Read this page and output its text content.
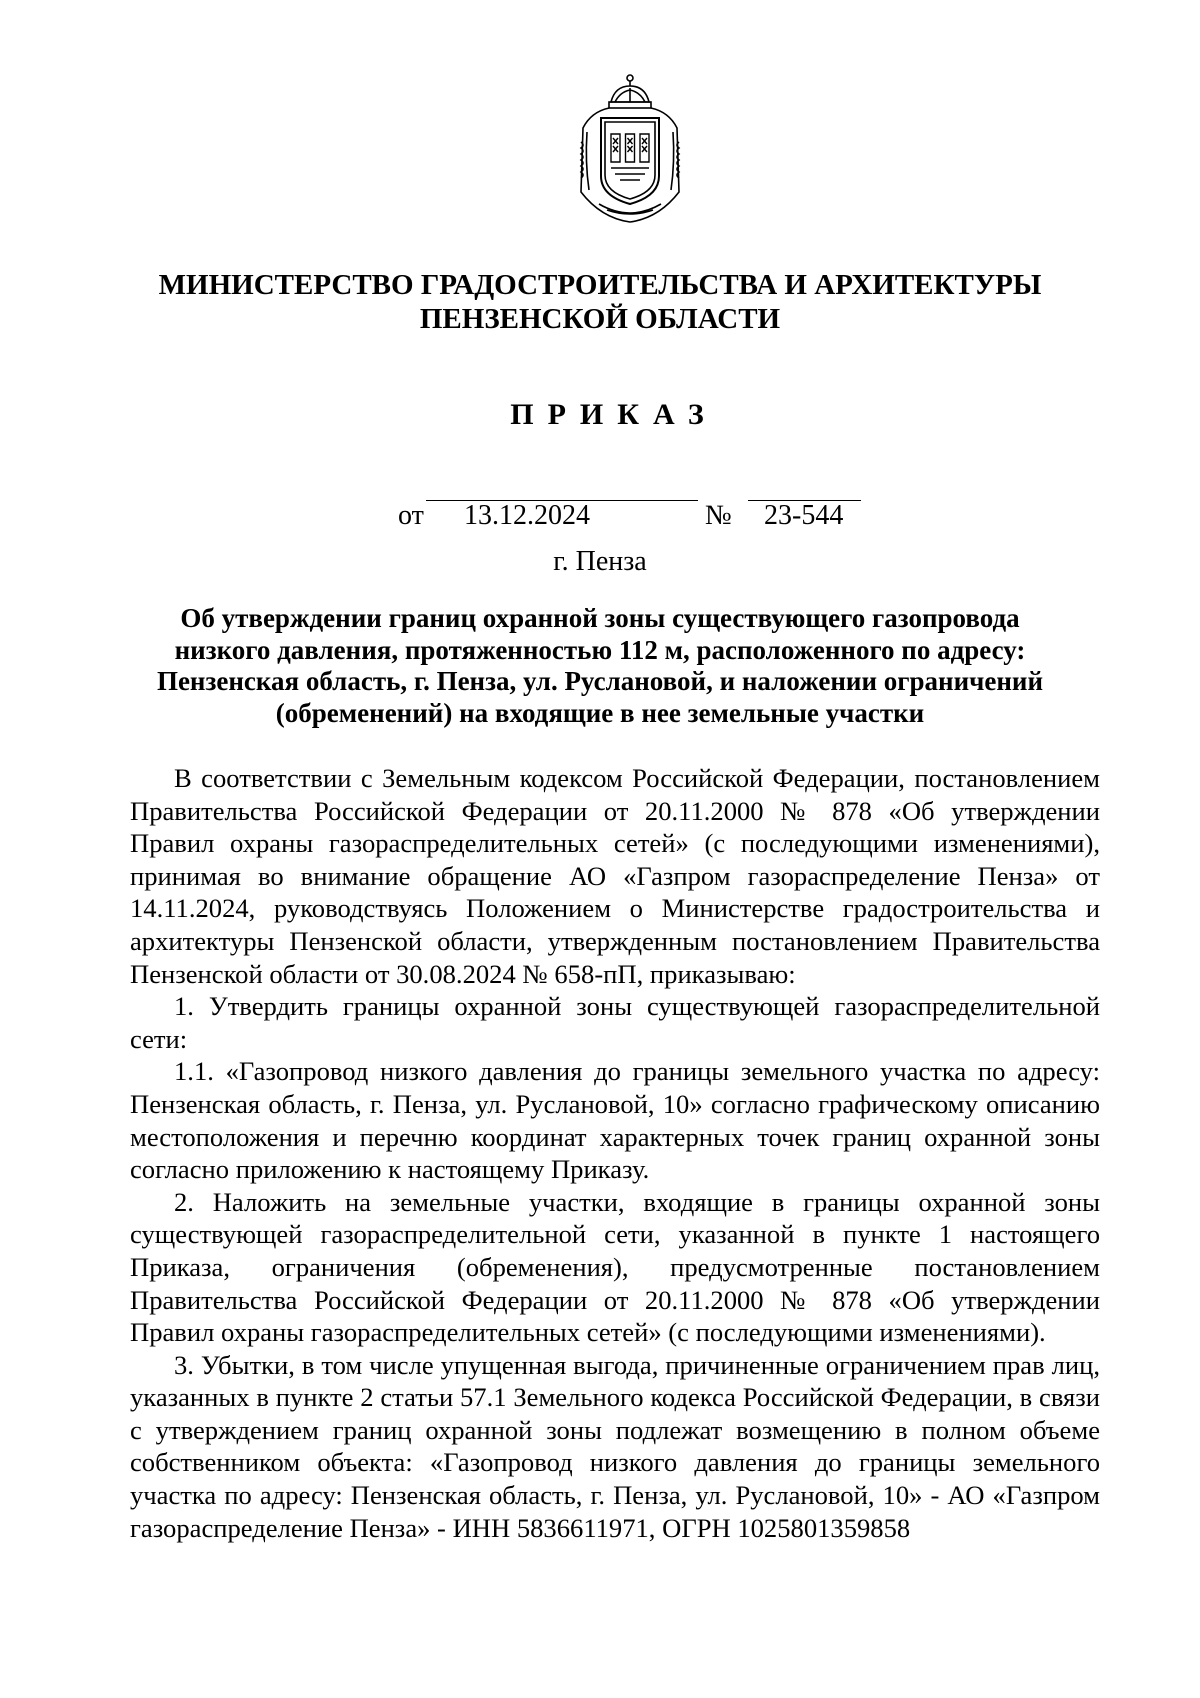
МИНИСТЕРСТВО ГРАДОСТРОИТЕЛЬСТВА И АРХИТЕКТУРЫ
ПЕНЗЕНСКОЙ ОБЛАСТИ
ПРИКАЗ
от 13.12.2024	№ 23-544
г. Пенза
Об утверждении границ охранной зоны существующего газопровода
низкого давления, протяженностью 112 м, расположенного по адресу:
Пензенская область, г. Пенза, ул. Руслановой, и наложении ограничений
(обременений) на входящие в нее земельные участки

В соответствии с Земельным кодексом Российской Федерации, постановлением Правительства Российской Федерации от 20.11.2000 № 878 «Об утверждении Правил охраны газораспределительных сетей» (с последующими изменениями), принимая во внимание обращение АО «Газпром газораспределение Пенза» от 14.11.2024, руководствуясь Положением о Министерстве градостроительства и архитектуры Пензенской области, утвержденным постановлением Правительства Пензенской области от 30.08.2024 № 658-пП, приказываю:

1. Утвердить границы охранной зоны существующей газораспределительной сети:

1.1. «Газопровод низкого давления до границы земельного участка по адресу: Пензенская область, г. Пенза, ул. Руслановой, 10» согласно графическому описанию местоположения и перечню координат характерных точек границ охранной зоны согласно приложению к настоящему Приказу.

2. Наложить на земельные участки, входящие в границы охранной зоны существующей газораспределительной сети, указанной в пункте 1 настоящего Приказа, ограничения (обременения), предусмотренные постановлением Правительства Российской Федерации от 20.11.2000 № 878 «Об утверждении Правил охраны газораспределительных сетей» (с последующими изменениями).

3. Убытки, в том числе упущенная выгода, причиненные ограничением прав лиц, указанных в пункте 2 статьи 57.1 Земельного кодекса Российской Федерации, в связи с утверждением границ охранной зоны подлежат возмещению в полном объеме собственником объекта: «Газопровод низкого давления до границы земельного участка по адресу: Пензенская область, г. Пенза, ул. Руслановой, 10» - АО «Газпром газораспределение Пенза» - ИНН 5836611971, ОГРН 1025801359858
